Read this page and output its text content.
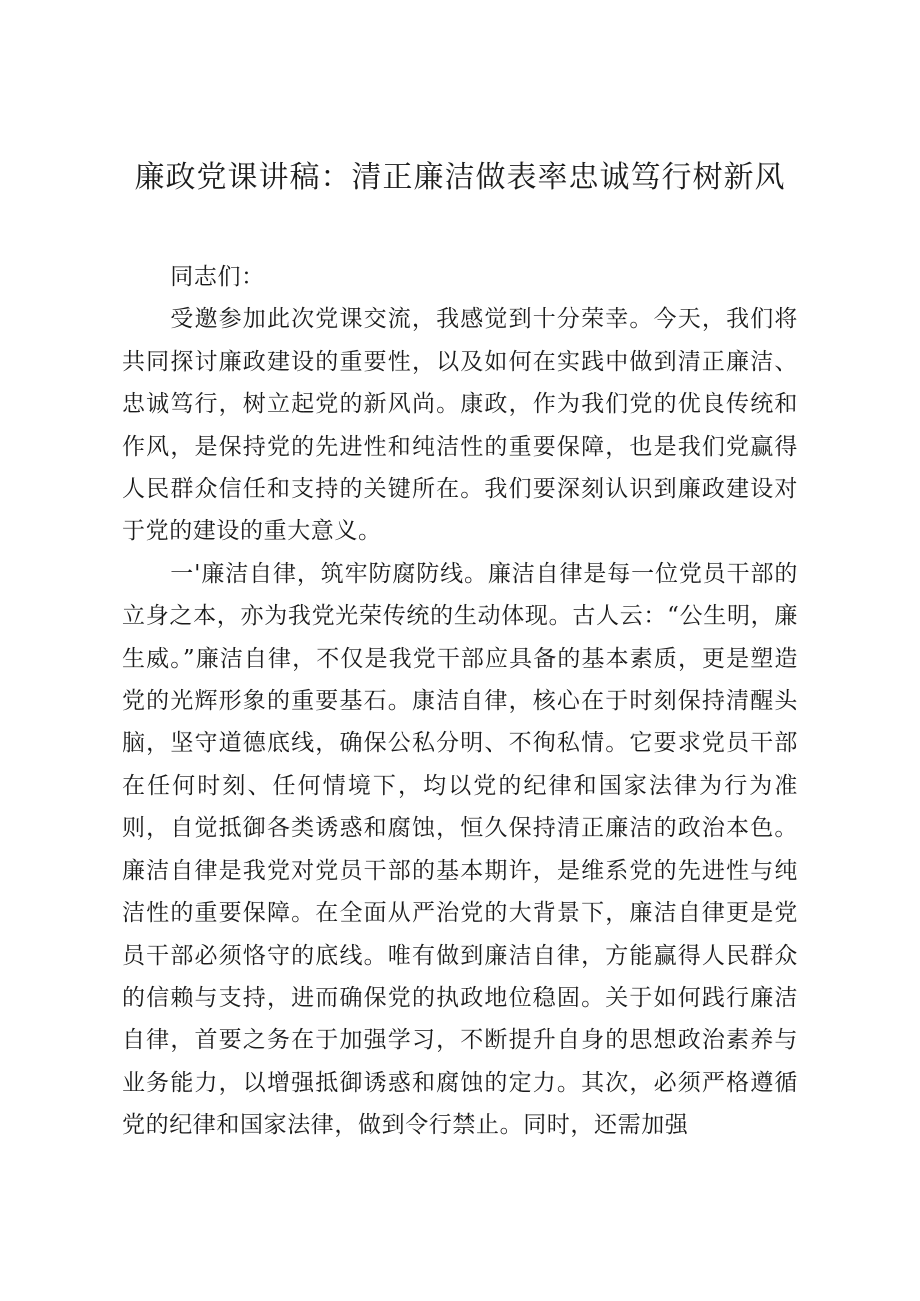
廉政党课讲稿：清正廉洁做表率忠诚笃行树新风

同志们：

受邀参加此次党课交流，我感觉到十分荣幸。今天，我们将共同探讨廉政建设的重要性，以及如何在实践中做到清正廉洁、忠诚笃行，树立起党的新风尚。康政，作为我们党的优良传统和作风，是保持党的先进性和纯洁性的重要保障，也是我们党赢得人民群众信任和支持的关键所在。我们要深刻认识到廉政建设对于党的建设的重大意义。

一'廉洁自律，筑牢防腐防线。廉洁自律是每一位党员干部的立身之本，亦为我党光荣传统的生动体现。古人云：“公生明，廉生威。”廉洁自律，不仅是我党干部应具备的基本素质，更是塑造党的光辉形象的重要基石。康洁自律，核心在于时刻保持清醒头脑，坚守道德底线，确保公私分明、不徇私情。它要求党员干部在任何时刻、任何情境下，均以党的纪律和国家法律为行为准则，自觉抵御各类诱惑和腐蚀，恒久保持清正廉洁的政治本色。廉洁自律是我党对党员干部的基本期许，是维系党的先进性与纯洁性的重要保障。在全面从严治党的大背景下，廉洁自律更是党员干部必须恪守的底线。唯有做到廉洁自律，方能赢得人民群众的信赖与支持，进而确保党的执政地位稳固。关于如何践行廉洁自律，首要之务在于加强学习，不断提升自身的思想政治素养与业务能力，以增强抵御诱惑和腐蚀的定力。其次，必须严格遵循党的纪律和国家法律，做到令行禁止。同时，还需加强
